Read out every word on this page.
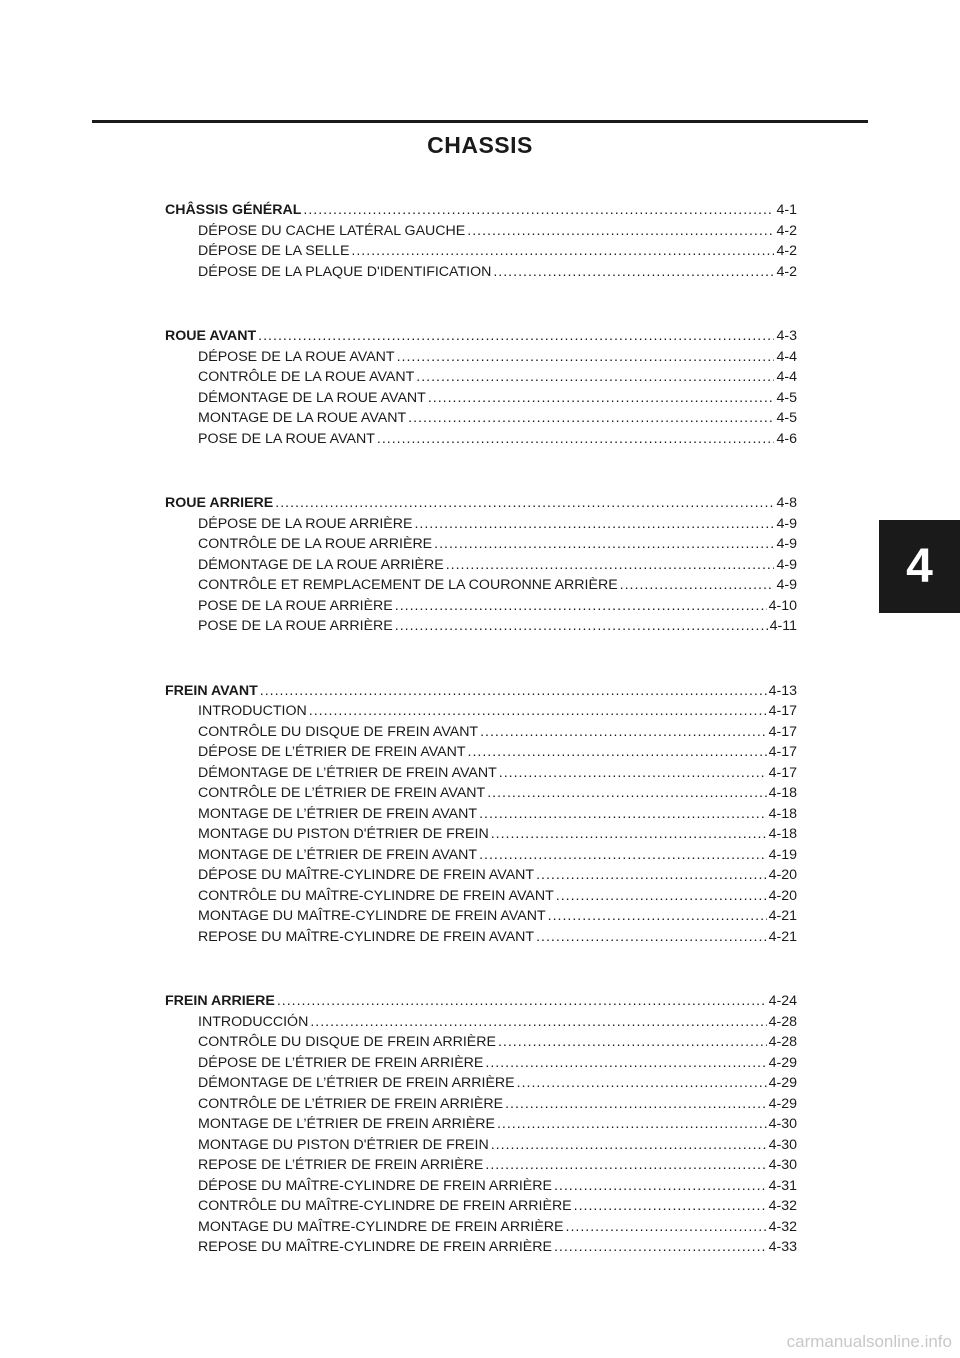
CHASSIS
CHÂSSIS GÉNÉRAL .....	4-1
DÉPOSE DU CACHE LATÉRAL GAUCHE .....	4-2
DÉPOSE DE LA SELLE .....	4-2
DÉPOSE DE LA PLAQUE D'IDENTIFICATION .....	4-2
ROUE AVANT .....	4-3
DÉPOSE DE LA ROUE AVANT .....	4-4
CONTRÔLE DE LA ROUE AVANT .....	4-4
DÉMONTAGE DE LA ROUE AVANT .....	4-5
MONTAGE DE LA ROUE AVANT .....	4-5
POSE DE LA ROUE AVANT .....	4-6
ROUE ARRIERE .....	4-8
DÉPOSE DE LA ROUE ARRIÈRE .....	4-9
CONTRÔLE DE LA ROUE ARRIÈRE .....	4-9
DÉMONTAGE DE LA ROUE ARRIÈRE .....	4-9
CONTRÔLE ET REMPLACEMENT DE LA COURONNE ARRIÈRE .....	4-9
POSE DE LA ROUE ARRIÈRE .....	4-10
POSE DE LA ROUE ARRIÈRE .....	4-11
FREIN AVANT .....	4-13
INTRODUCTION .....	4-17
CONTRÔLE DU DISQUE DE FREIN AVANT .....	4-17
DÉPOSE DE L’ÉTRIER DE FREIN AVANT .....	4-17
DÉMONTAGE DE L’ÉTRIER DE FREIN AVANT .....	4-17
CONTRÔLE DE L’ÉTRIER DE FREIN AVANT .....	4-18
MONTAGE DE L’ÉTRIER DE FREIN AVANT .....	4-18
MONTAGE DU PISTON D'ÉTRIER DE FREIN .....	4-18
MONTAGE DE L’ÉTRIER DE FREIN AVANT .....	4-19
DÉPOSE DU MAÎTRE-CYLINDRE DE FREIN AVANT .....	4-20
CONTRÔLE DU MAÎTRE-CYLINDRE DE FREIN AVANT .....	4-20
MONTAGE DU MAÎTRE-CYLINDRE DE FREIN AVANT .....	4-21
REPOSE DU MAÎTRE-CYLINDRE DE FREIN AVANT .....	4-21
FREIN ARRIERE .....	4-24
INTRODUCCIÓN .....	4-28
CONTRÔLE DU DISQUE DE FREIN ARRIÈRE .....	4-28
DÉPOSE DE L’ÉTRIER DE FREIN ARRIÈRE .....	4-29
DÉMONTAGE DE L’ÉTRIER DE FREIN ARRIÈRE .....	4-29
CONTRÔLE DE L’ÉTRIER DE FREIN ARRIÈRE .....	4-29
MONTAGE DE L’ÉTRIER DE FREIN ARRIÈRE .....	4-30
MONTAGE DU PISTON D'ÉTRIER DE FREIN .....	4-30
REPOSE DE L’ÉTRIER DE FREIN ARRIÈRE .....	4-30
DÉPOSE DU MAÎTRE-CYLINDRE DE FREIN ARRIÈRE .....	4-31
CONTRÔLE DU MAÎTRE-CYLINDRE DE FREIN ARRIÈRE .....	4-32
MONTAGE DU MAÎTRE-CYLINDRE DE FREIN ARRIÈRE .....	4-32
REPOSE DU MAÎTRE-CYLINDRE DE FREIN ARRIÈRE .....	4-33
4
carmanualsonline.info
